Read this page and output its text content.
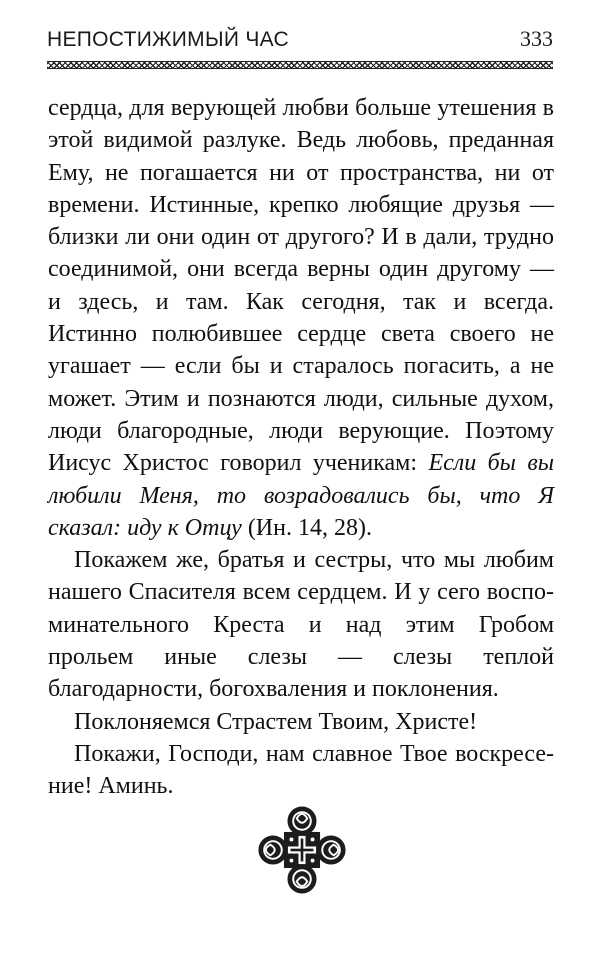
НЕПОСТИЖИМЫЙ ЧАС	333

сердца, для верующей любви больше утешения в этой видимой разлуке. Ведь любовь, преданная Ему, не погашается ни от пространства, ни от времени. Истинные, крепко любящие друзья — близки ли они один от другого? И в дали, трудно соединимой, они всегда верны один другому — и здесь, и там. Как сегодня, так и всегда. Истинно полюбившее сердце света своего не угашает — если бы и старалось погасить, а не может. Этим и познаются люди, сильные духом, люди благородные, люди верующие. Поэтому Иисус Христос говорил ученикам: Если бы вы любили Меня, то возрадовались бы, что Я сказал: иду к Отцу (Ин. 14, 28).

Покажем же, братья и сестры, что мы любим нашего Спасителя всем сердцем. И у сего воспоминательного Креста и над этим Гробом прольем иные слезы — слезы теплой благодарности, богохваления и поклонения.

Поклоняемся Страстем Твоим, Христе!

Покажи, Господи, нам славное Твое воскресение! Аминь.
